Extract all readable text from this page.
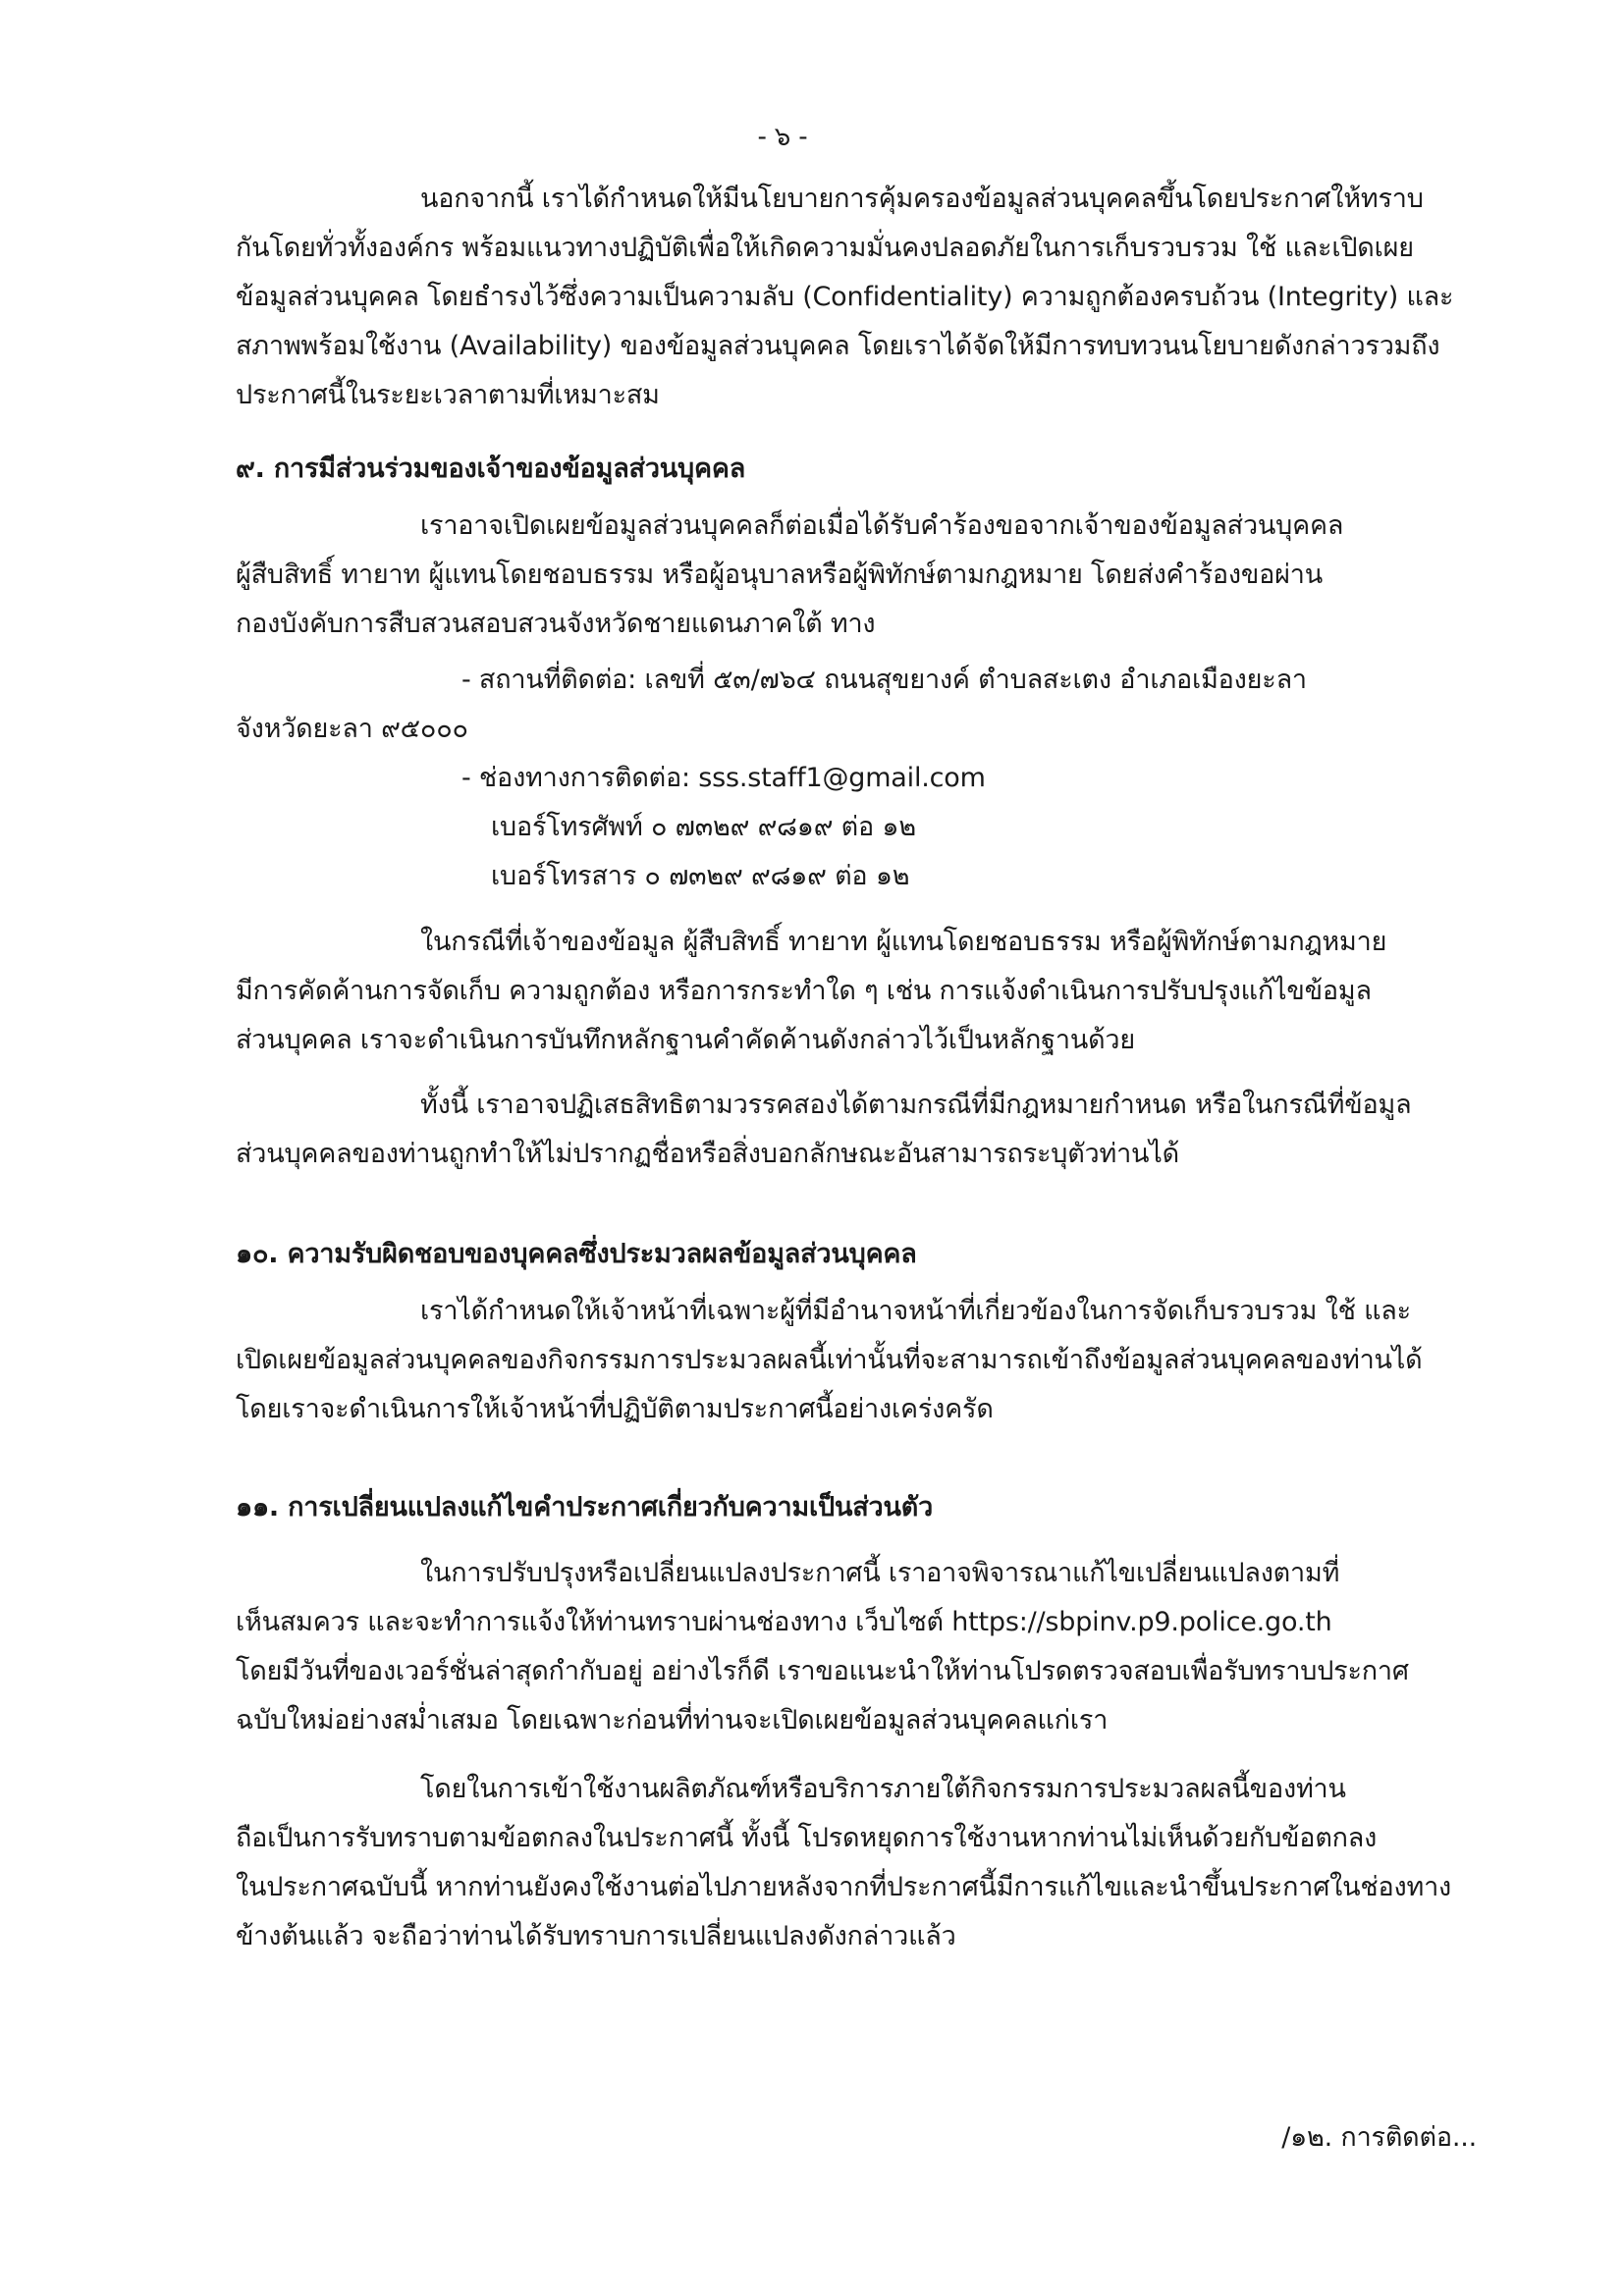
- ๖ -
นอกจากนี้ เราได้กำหนดให้มีนโยบายการคุ้มครองข้อมูลส่วนบุคคลขึ้นโดยประกาศให้ทราบ
กันโดยทั่วทั้งองค์กร พร้อมแนวทางปฏิบัติเพื่อให้เกิดความมั่นคงปลอดภัยในการเก็บรวบรวม ใช้ และเปิดเผย
ข้อมูลส่วนบุคคล โดยธำรงไว้ซึ่งความเป็นความลับ (Confidentiality) ความถูกต้องครบถ้วน (Integrity) และ
สภาพพร้อมใช้งาน (Availability) ของข้อมูลส่วนบุคคล โดยเราได้จัดให้มีการทบทวนนโยบายดังกล่าวรวมถึง
ประกาศนี้ในระยะเวลาตามที่เหมาะสม
๙. การมีส่วนร่วมของเจ้าของข้อมูลส่วนบุคคล
เราอาจเปิดเผยข้อมูลส่วนบุคคลก็ต่อเมื่อได้รับคำร้องขอจากเจ้าของข้อมูลส่วนบุคคล
ผู้สืบสิทธิ์ ทายาท ผู้แทนโดยชอบธรรม หรือผู้อนุบาลหรือผู้พิทักษ์ตามกฎหมาย โดยส่งคำร้องขอผ่าน
กองบังคับการสืบสวนสอบสวนจังหวัดชายแดนภาคใต้ ทาง
- สถานที่ติดต่อ: เลขที่ ๕๓/๗๖๔ ถนนสุขยางค์ ตำบลสะเตง อำเภอเมืองยะลา
จังหวัดยะลา ๙๕๐๐๐
- ช่องทางการติดต่อ: sss.staff1@gmail.com
เบอร์โทรศัพท์ ๐ ๗๓๒๙ ๙๘๑๙ ต่อ ๑๒
เบอร์โทรสาร ๐ ๗๓๒๙ ๙๘๑๙ ต่อ ๑๒
ในกรณีที่เจ้าของข้อมูล ผู้สืบสิทธิ์ ทายาท ผู้แทนโดยชอบธรรม หรือผู้พิทักษ์ตามกฎหมาย
มีการคัดค้านการจัดเก็บ ความถูกต้อง หรือการกระทำใด ๆ เช่น การแจ้งดำเนินการปรับปรุงแก้ไขข้อมูล
ส่วนบุคคล เราจะดำเนินการบันทึกหลักฐานคำคัดค้านดังกล่าวไว้เป็นหลักฐานด้วย
ทั้งนี้ เราอาจปฏิเสธสิทธิตามวรรคสองได้ตามกรณีที่มีกฎหมายกำหนด หรือในกรณีที่ข้อมูล
ส่วนบุคคลของท่านถูกทำให้ไม่ปรากฏชื่อหรือสิ่งบอกลักษณะอันสามารถระบุตัวท่านได้
๑๐. ความรับผิดชอบของบุคคลซึ่งประมวลผลข้อมูลส่วนบุคคล
เราได้กำหนดให้เจ้าหน้าที่เฉพาะผู้ที่มีอำนาจหน้าที่เกี่ยวข้องในการจัดเก็บรวบรวม ใช้ และ
เปิดเผยข้อมูลส่วนบุคคลของกิจกรรมการประมวลผลนี้เท่านั้นที่จะสามารถเข้าถึงข้อมูลส่วนบุคคลของท่านได้
โดยเราจะดำเนินการให้เจ้าหน้าที่ปฏิบัติตามประกาศนี้อย่างเคร่งครัด
๑๑. การเปลี่ยนแปลงแก้ไขคำประกาศเกี่ยวกับความเป็นส่วนตัว
ในการปรับปรุงหรือเปลี่ยนแปลงประกาศนี้ เราอาจพิจารณาแก้ไขเปลี่ยนแปลงตามที่
เห็นสมควร และจะทำการแจ้งให้ท่านทราบผ่านช่องทาง เว็บไซต์ https://sbpinv.p9.police.go.th
โดยมีวันที่ของเวอร์ชั่นล่าสุดกำกับอยู่ อย่างไรก็ดี เราขอแนะนำให้ท่านโปรดตรวจสอบเพื่อรับทราบประกาศ
ฉบับใหม่อย่างสม่ำเสมอ โดยเฉพาะก่อนที่ท่านจะเปิดเผยข้อมูลส่วนบุคคลแก่เรา
โดยในการเข้าใช้งานผลิตภัณฑ์หรือบริการภายใต้กิจกรรมการประมวลผลนี้ของท่าน
ถือเป็นการรับทราบตามข้อตกลงในประกาศนี้ ทั้งนี้ โปรดหยุดการใช้งานหากท่านไม่เห็นด้วยกับข้อตกลง
ในประกาศฉบับนี้ หากท่านยังคงใช้งานต่อไปภายหลังจากที่ประกาศนี้มีการแก้ไขและนำขึ้นประกาศในช่องทาง
ข้างต้นแล้ว จะถือว่าท่านได้รับทราบการเปลี่ยนแปลงดังกล่าวแล้ว
/๑๒. การติดต่อ...
